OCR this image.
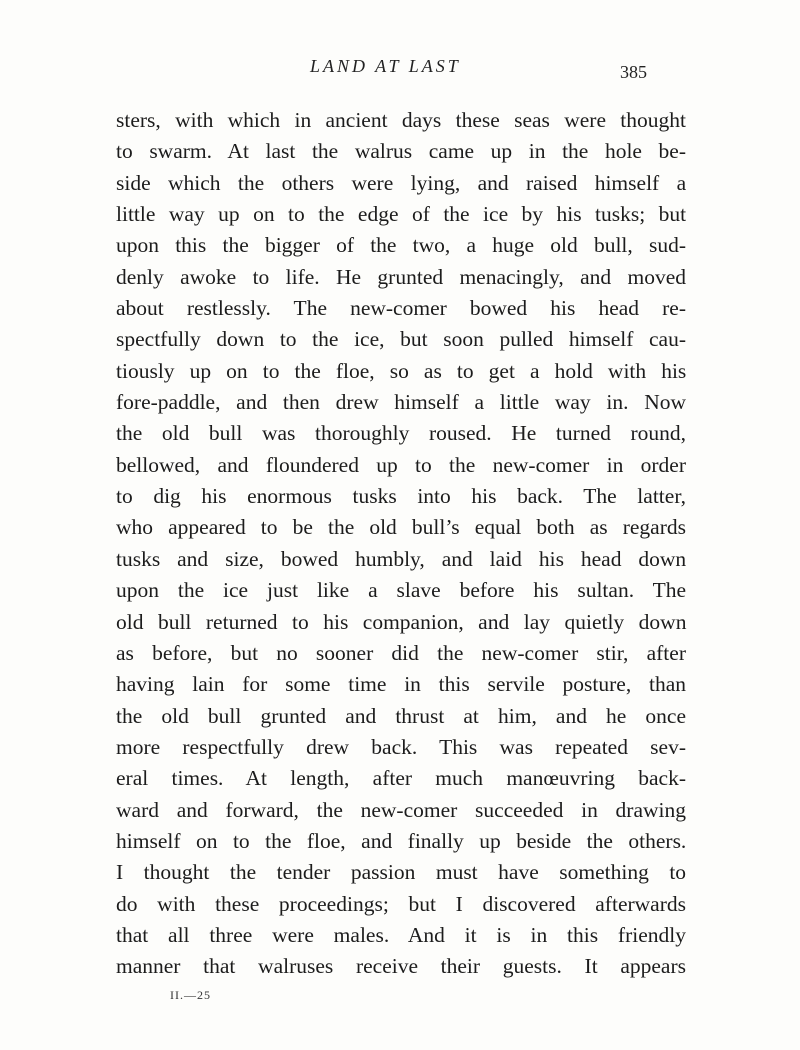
LAND AT LAST	385
sters, with which in ancient days these seas were thought
to swarm. At last the walrus came up in the hole be-
side which the others were lying, and raised himself a
little way up on to the edge of the ice by his tusks; but
upon this the bigger of the two, a huge old bull, sud-
denly awoke to life. He grunted menacingly, and moved
about restlessly. The new-comer bowed his head re-
spectfully down to the ice, but soon pulled himself cau-
tiously up on to the floe, so as to get a hold with his
fore-paddle, and then drew himself a little way in. Now
the old bull was thoroughly roused. He turned round,
bellowed, and floundered up to the new-comer in order
to dig his enormous tusks into his back. The latter,
who appeared to be the old bull’s equal both as regards
tusks and size, bowed humbly, and laid his head down
upon the ice just like a slave before his sultan. The
old bull returned to his companion, and lay quietly down
as before, but no sooner did the new-comer stir, after
having lain for some time in this servile posture, than
the old bull grunted and thrust at him, and he once
more respectfully drew back. This was repeated sev-
eral times. At length, after much manœuvring back-
ward and forward, the new-comer succeeded in drawing
himself on to the floe, and finally up beside the others.
I thought the tender passion must have something to
do with these proceedings; but I discovered afterwards
that all three were males. And it is in this friendly
manner that walruses receive their guests. It appears
II.—25
